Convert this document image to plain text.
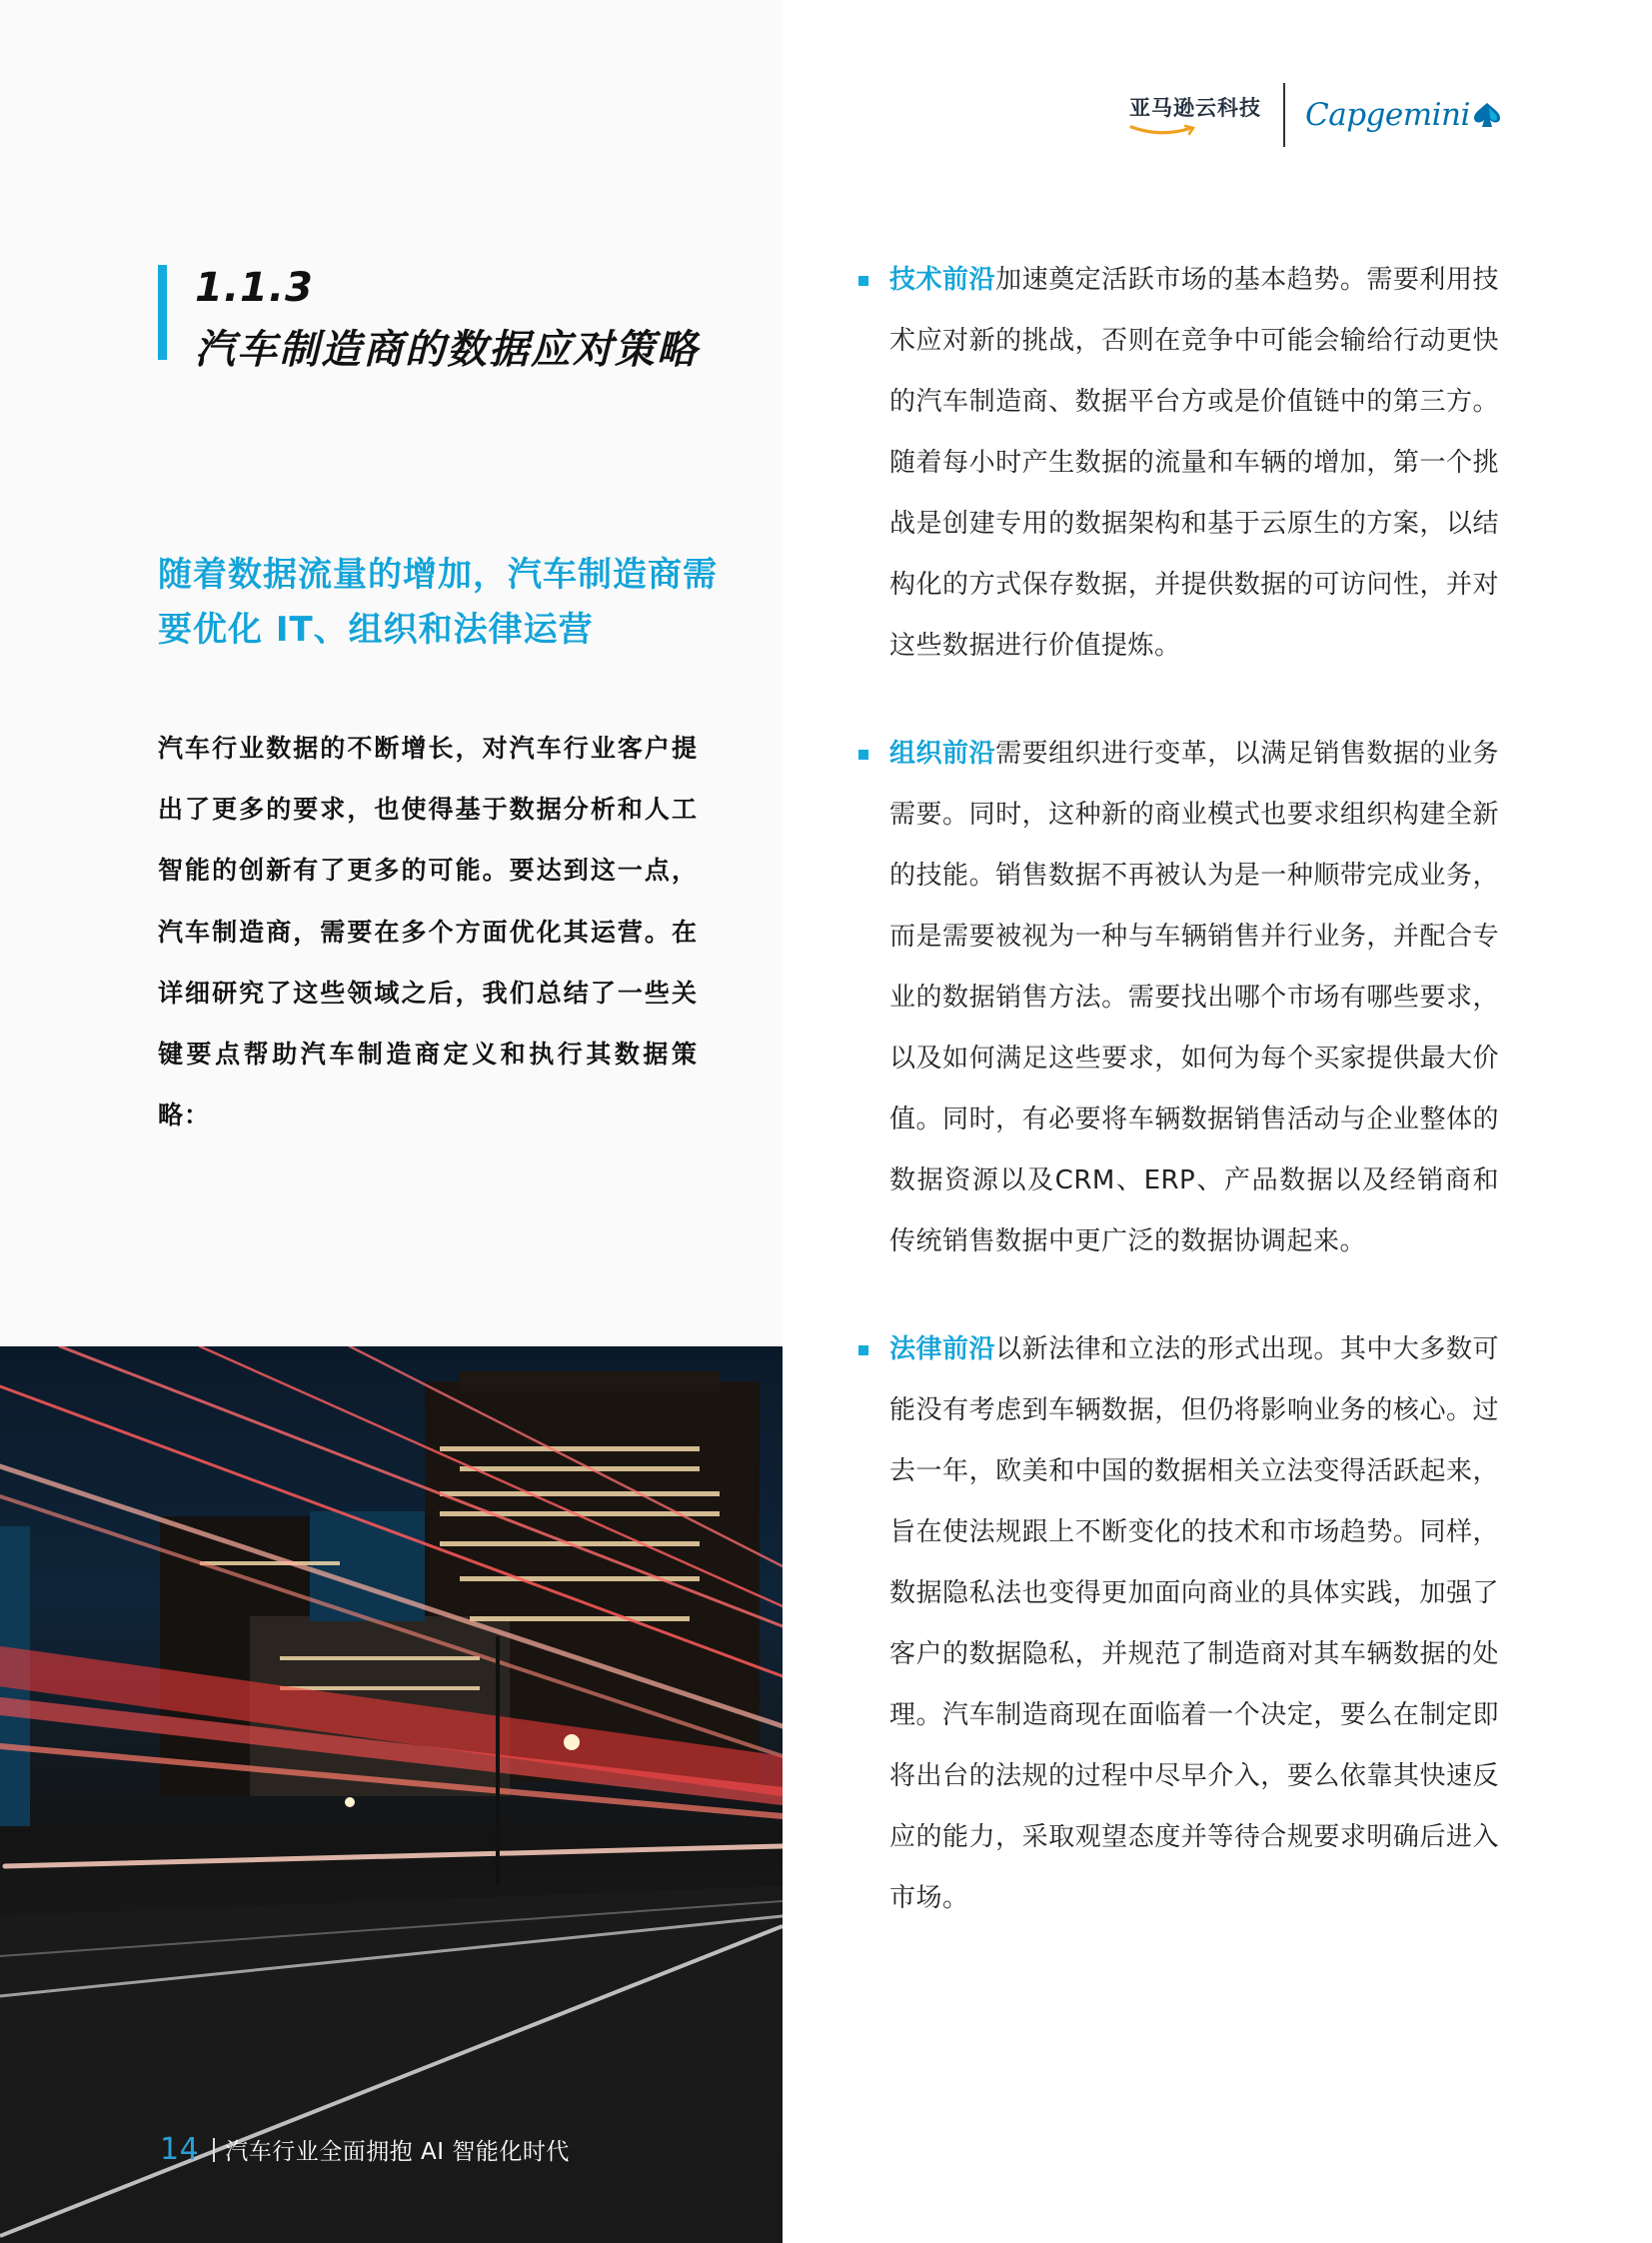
亚马逊云科技 Capgemini
1.1.3
汽车制造商的数据应对策略
随着数据流量的增加，汽车制造商需要优化 IT、组织和法律运营
汽车行业数据的不断增长，对汽车行业客户提出了更多的要求，也使得基于数据分析和人工智能的创新有了更多的可能。要达到这一点，汽车制造商，需要在多个方面优化其运营。在详细研究了这些领域之后，我们总结了一些关键要点帮助汽车制造商定义和执行其数据策略：
技术前沿加速奠定活跃市场的基本趋势。需要利用技术应对新的挑战，否则在竞争中可能会输给行动更快的汽车制造商、数据平台方或是价值链中的第三方。随着每小时产生数据的流量和车辆的增加，第一个挑战是创建专用的数据架构和基于云原生的方案，以结构化的方式保存数据，并提供数据的可访问性，并对这些数据进行价值提炼。
组织前沿需要组织进行变革，以满足销售数据的业务需要。同时，这种新的商业模式也要求组织构建全新的技能。销售数据不再被认为是一种顺带完成业务，而是需要被视为一种与车辆销售并行业务，并配合专业的数据销售方法。需要找出哪个市场有哪些要求，以及如何满足这些要求，如何为每个买家提供最大价值。同时，有必要将车辆数据销售活动与企业整体的数据资源以及CRM、ERP、产品数据以及经销商和传统销售数据中更广泛的数据协调起来。
法律前沿以新法律和立法的形式出现。其中大多数可能没有考虑到车辆数据，但仍将影响业务的核心。过去一年，欧美和中国的数据相关立法变得活跃起来，旨在使法规跟上不断变化的技术和市场趋势。同样，数据隐私法也变得更加面向商业的具体实践，加强了客户的数据隐私，并规范了制造商对其车辆数据的处理。汽车制造商现在面临着一个决定，要么在制定即将出台的法规的过程中尽早介入，要么依靠其快速反应的能力，采取观望态度并等待合规要求明确后进入市场。
14 汽车行业全面拥抱 AI 智能化时代
